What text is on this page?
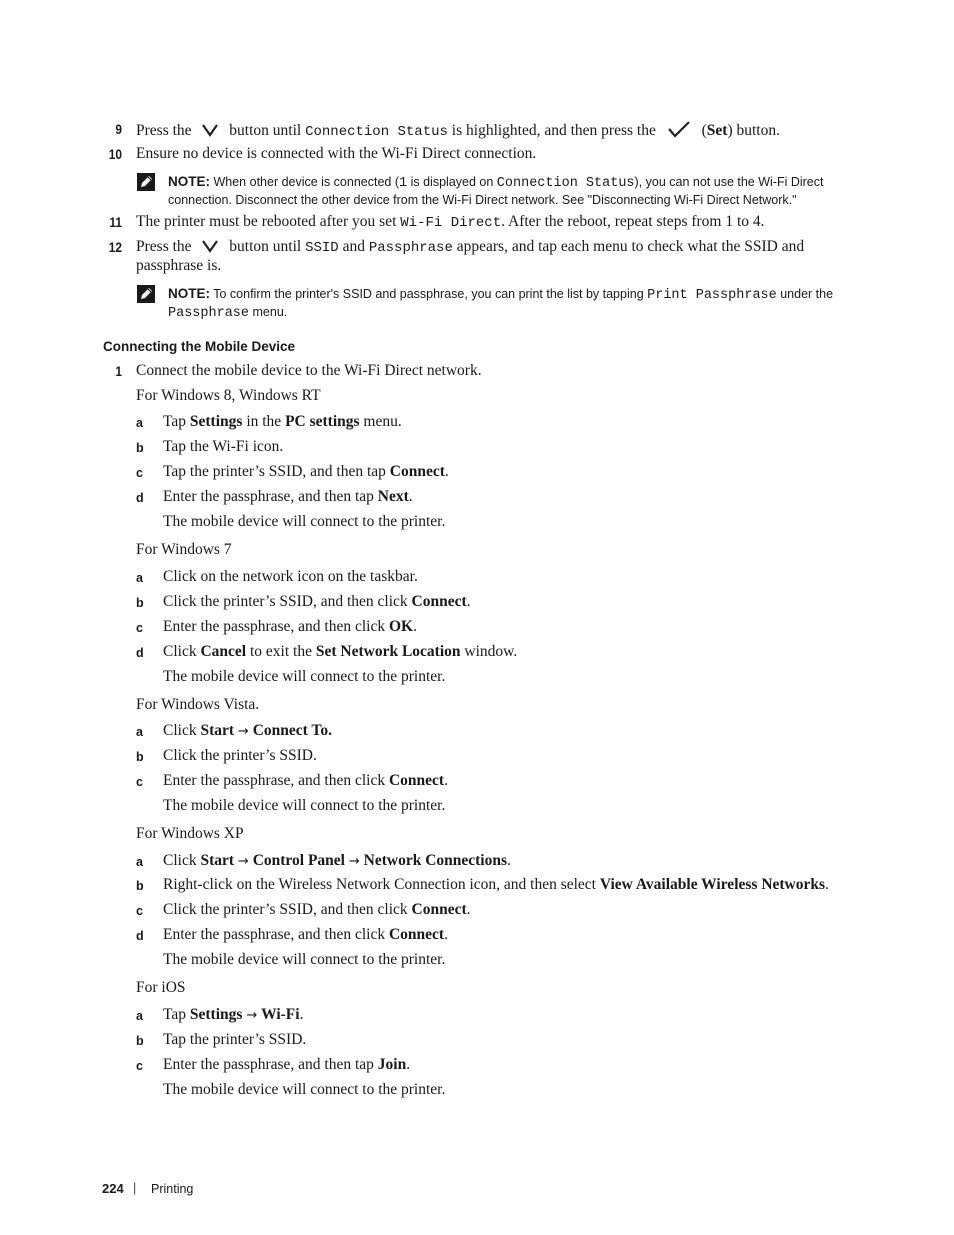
9 Press the button until Connection Status is highlighted, and then press the	(Set) button.
10 Ensure no device is connected with the Wi-Fi Direct connection.
NOTE: When other device is connected (1 is displayed on Connection Status), you can not use the Wi-Fi Direct connection. Disconnect the other device from the Wi-Fi Direct network. See "Disconnecting Wi-Fi Direct Network."
11 The printer must be rebooted after you set Wi-Fi Direct. After the reboot, repeat steps from 1 to 4.
12 Press the button until SSID and Passphrase appears, and tap each menu to check what the SSID and
passphrase is.
NOTE: To confirm the printer's SSID and passphrase, you can print the list by tapping Print Passphrase under the Passphrase menu.
Connecting the Mobile Device
1 Connect the mobile device to the Wi-Fi Direct network.
For Windows 8, Windows RT
a Tap Settings in the PC settings menu.
b Tap the Wi-Fi icon.
c Tap the printer’s SSID, and then tap Connect.
d Enter the passphrase, and then tap Next.
The mobile device will connect to the printer.
For Windows 7
a Click on the network icon on the taskbar.
b Click the printer’s SSID, and then click Connect.
c Enter the passphrase, and then click OK.
d Click Cancel to exit the Set Network Location window.
The mobile device will connect to the printer.
For Windows Vista.
a Click Start → Connect To.
b Click the printer’s SSID.
c Enter the passphrase, and then click Connect.
The mobile device will connect to the printer.
For Windows XP
a Click Start → Control Panel → Network Connections.
b Right-click on the Wireless Network Connection icon, and then select View Available Wireless Networks.
c Click the printer’s SSID, and then click Connect.
d Enter the passphrase, and then click Connect.
The mobile device will connect to the printer.
For iOS
a Tap Settings → Wi-Fi.
b Tap the printer’s SSID.
c Enter the passphrase, and then tap Join.
The mobile device will connect to the printer.
224 | Printing
